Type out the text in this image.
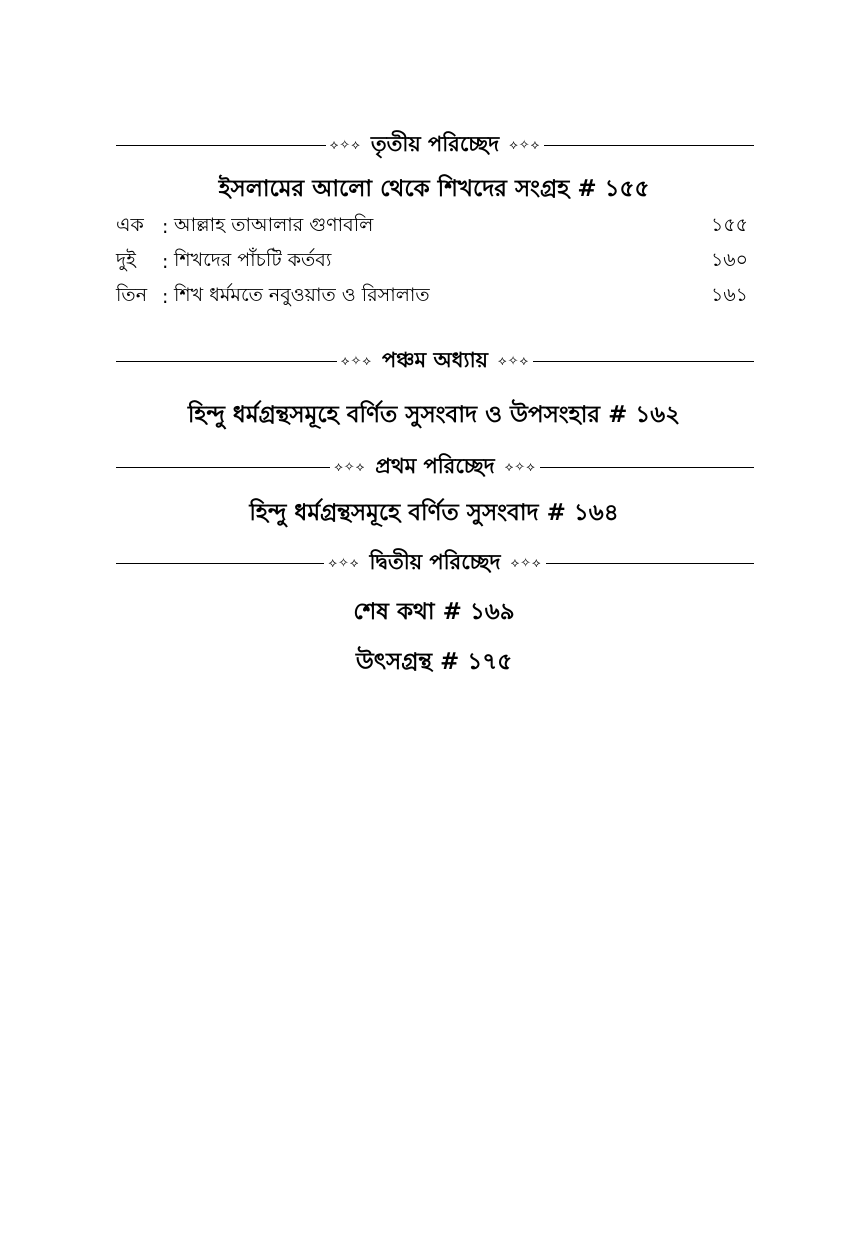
⟡✧⟡ তৃতীয় পরিচ্ছেদ ⟡✧⟡
ইসলামের আলো থেকে শিখদের সংগ্রহ # ১৫৫
এক : আল্লাহ তাআলার গুণাবলি	১৫৫
দুই	: শিখদের পাঁচটি কর্তব্য	১৬০
তিন : শিখ ধর্মমতে নবুওয়াত ও রিসালাত	১৬১
⟡✧⟡ পঞ্চম অধ্যায় ⟡✧⟡
হিন্দু ধর্মগ্রন্থসমূহে বর্ণিত সুসংবাদ ও উপসংহার # ১৬২
⟡✧⟡ প্রথম পরিচ্ছেদ ⟡✧⟡
হিন্দু ধর্মগ্রন্থসমূহে বর্ণিত সুসংবাদ # ১৬৪
⟡✧⟡ দ্বিতীয় পরিচ্ছেদ ⟡✧⟡
শেষ কথা # ১৬৯
উৎসগ্রন্থ # ১৭৫
